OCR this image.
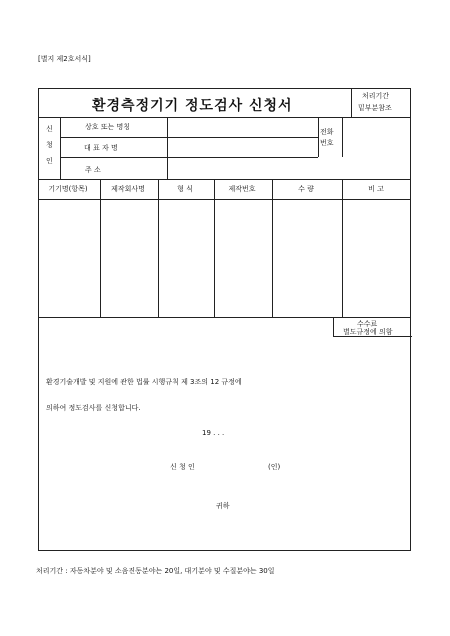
[별지 제2호서식]
환경측정기기 정도검사 신청서
처리기간
밑부분참조
신
청
인
상호 또는 명칭
대 표 자 명
주 소
전화
번호
기기명(항목)	제작회사명	형 식	제작번호	수 량	비 고
수수료
별도규정에 의함
환경기술개발 및 지원에 관한 법률 시행규칙 제 3조의 12 규정에
의하여 정도검사를 신청합니다.
19 . . .
신 청 인	(인)
귀하
처리기간 : 자동차분야 및 소음진동분야는 20일, 대기분야 및 수질분야는 30일
